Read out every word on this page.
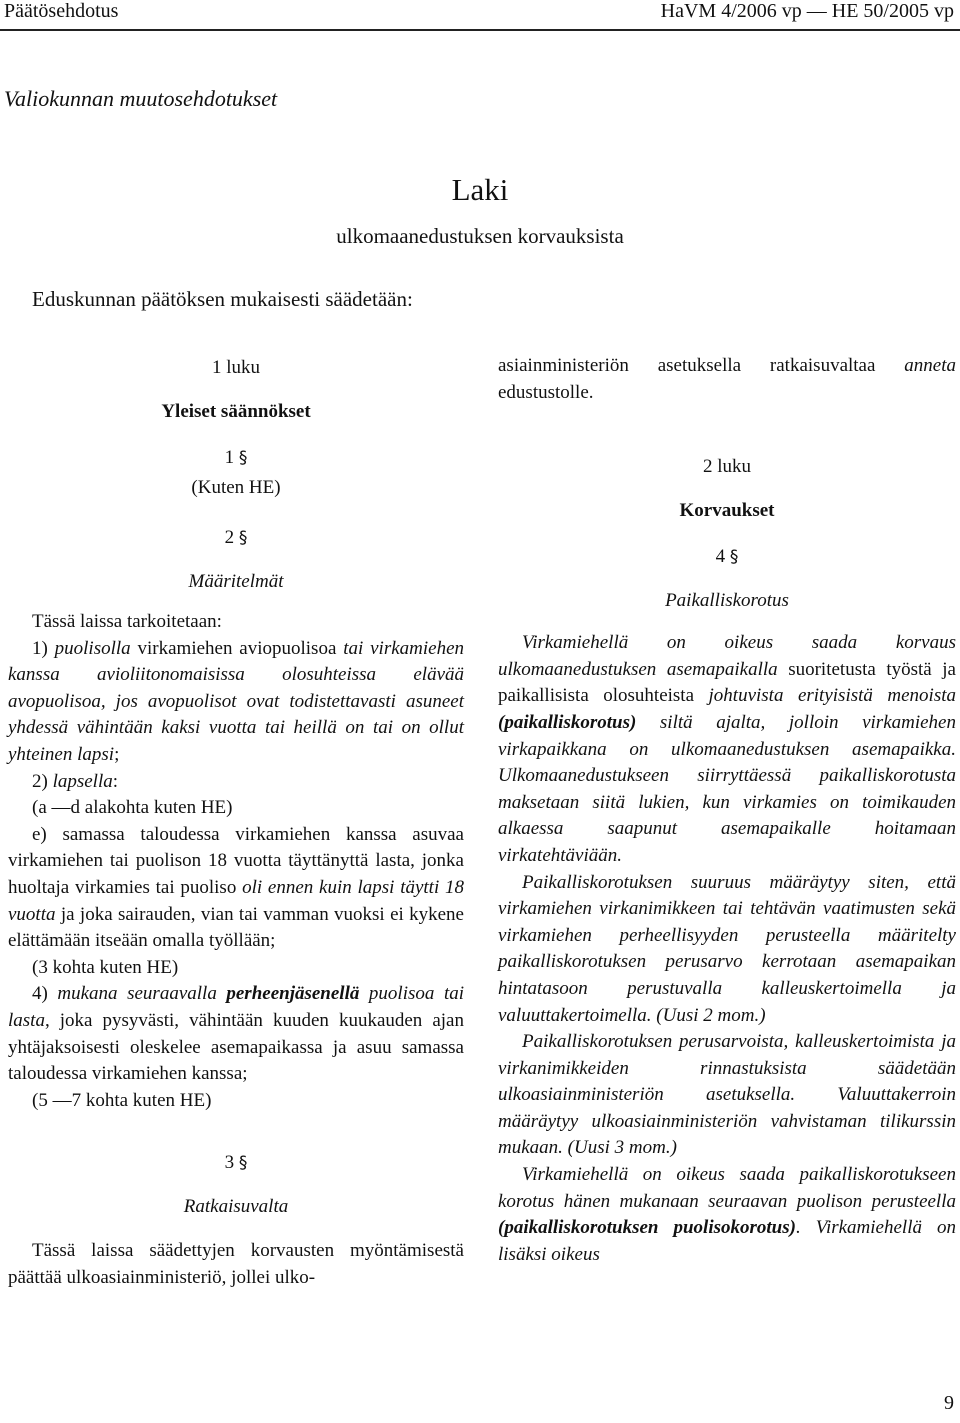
Päätösehdotus	HaVM 4/2006 vp — HE 50/2005 vp
Valiokunnan muutosehdotukset
Laki
ulkomaanedustuksen korvauksista
Eduskunnan päätöksen mukaisesti säädetään:
1 luku
Yleiset säännökset
1 §
(Kuten HE)
2 §
Määritelmät

Tässä laissa tarkoitetaan:

1) puolisolla virkamiehen aviopuolisoa tai virkamiehen kanssa avioliitonomaisissa olosuhteissa elävää avopuolisoa, jos avopuolisot ovat todistettavasti asuneet yhdessä vähintään kaksi vuotta tai heillä on tai on ollut yhteinen lapsi;

2) lapsella:

(a —d alakohta kuten HE)

e) samassa taloudessa virkamiehen kanssa asuvaa virkamiehen tai puolison 18 vuotta täyttänyttä lasta, jonka huoltaja virkamies tai puoliso oli ennen kuin lapsi täytti 18 vuotta ja joka sairauden, vian tai vamman vuoksi ei kykene elättämään itseään omalla työllään;

(3 kohta kuten HE)

4) mukana seuraavalla perheenjäsenellä puolisoa tai lasta, joka pysyvästi, vähintään kuuden kuukauden ajan yhtäjaksoisesti oleskelee asemapaikassa ja asuu samassa taloudessa virkamiehen kanssa;

(5 —7 kohta kuten HE)

3 §
Ratkaisuvalta

Tässä laissa säädettyjen korvausten myöntämisestä päättää ulkoasiainministeriö, jollei ulko-

asiainministeriön asetuksella ratkaisuvaltaa anneta edustustolle.

2 luku
Korvaukset
4 §
Paikalliskorotus

Virkamiehellä on oikeus saada korvaus ulkomaanedustuksen asemapaikalla suoritetusta työstä ja paikallisista olosuhteista johtuvista erityisistä menoista (paikalliskorotus) siltä ajalta, jolloin virkamiehen virkapaikkana on ulkomaanedustuksen asemapaikka. Ulkomaanedustukseen siirryttäessä paikalliskorotusta maksetaan siitä lukien, kun virkamies on toimikauden alkaessa saapunut asemapaikalle hoitamaan virkatehtäviään.

Paikalliskorotuksen suuruus määräytyy siten, että virkamiehen virkanimikkeen tai tehtävän vaatimusten sekä virkamiehen perheellisyyden perusteella määritelty paikalliskorotuksen perusarvo kerrotaan asemapaikan hintatasoon perustuvalla kalleuskertoimella ja valuuttakertoimella. (Uusi 2 mom.)

Paikalliskorotuksen perusarvoista, kalleuskertoimista ja virkanimikkeiden rinnastuksista säädetään ulkoasiainministeriön asetuksella. Valuuttakerroin määräytyy ulkoasiainministeriön vahvistaman tilikurssin mukaan. (Uusi 3 mom.)

Virkamiehellä on oikeus saada paikalliskorotukseen korotus hänen mukanaan seuraavan puolison perusteella (paikalliskorotuksen puolisokorotus). Virkamiehellä on lisäksi oikeus

9
